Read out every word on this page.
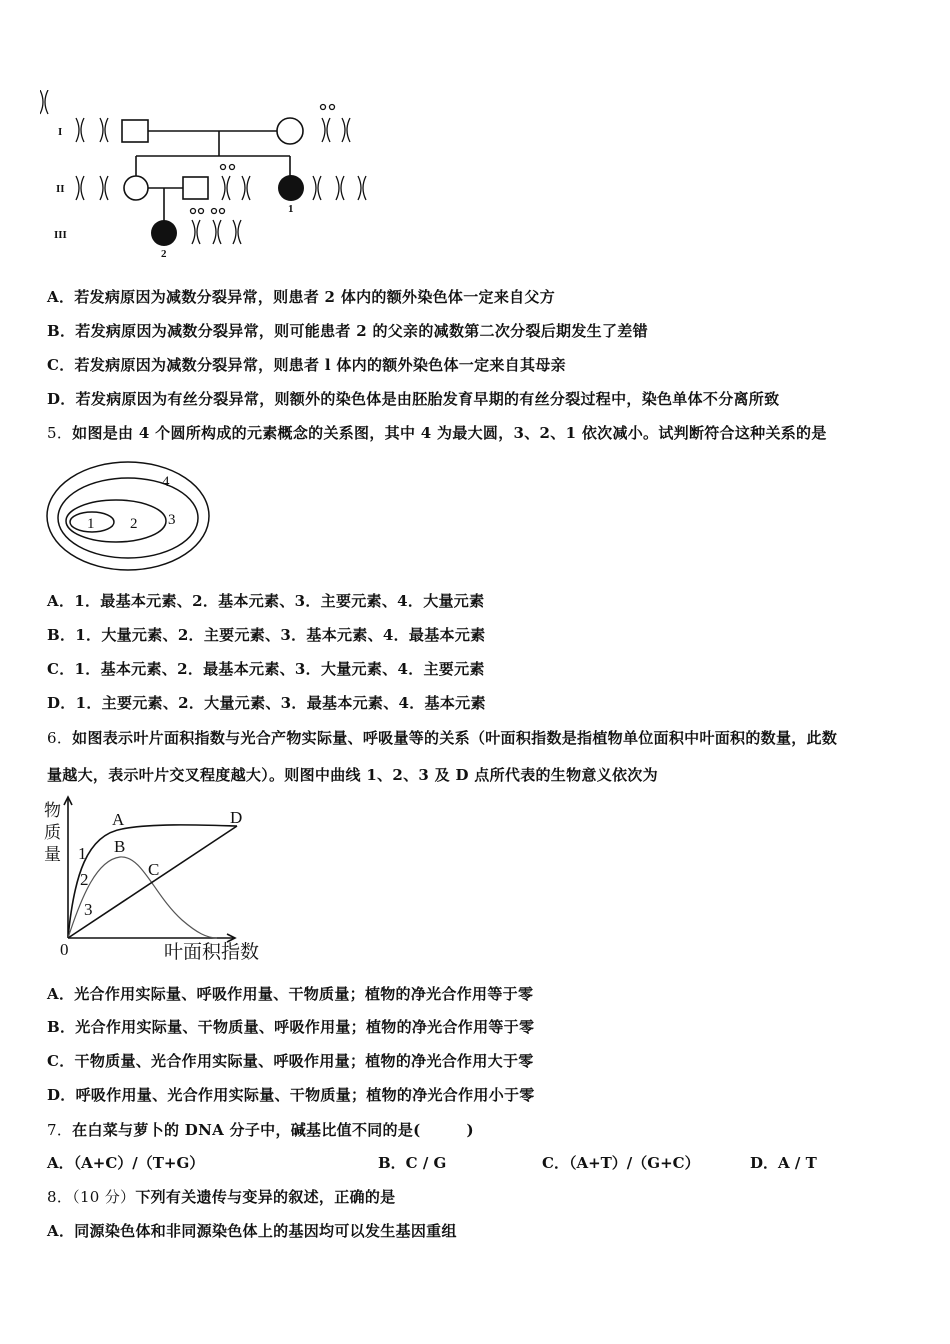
I
II
III
1
2
A．若发病原因为减数分裂异常，则患者 2 体内的额外染色体一定来自父方
B．若发病原因为减数分裂异常，则可能患者 2 的父亲的减数第二次分裂后期发生了差错
C．若发病原因为减数分裂异常，则患者 l 体内的额外染色体一定来自其母亲
D．若发病原因为有丝分裂异常，则额外的染色体是由胚胎发育早期的有丝分裂过程中，染色单体不分离所致
5．如图是由 4 个圆所构成的元素概念的关系图，其中 4 为最大圆，3、2、1 依次减小。试判断符合这种关系的是
1 2 3
4
A．1．最基本元素、2．基本元素、3．主要元素、4．大量元素
B．1．大量元素、2．主要元素、3．基本元素、4．最基本元素
C．1．基本元素、2．最基本元素、3．大量元素、4．主要元素
D．1．主要元素、2．大量元素、3．最基本元素、4．基本元素
6．如图表示叶片面积指数与光合产物实际量、呼吸量等的关系（叶面积指数是指植物单位面积中叶面积的数量，此数
量越大，表示叶片交叉程度越大）。则图中曲线 1、2、3 及 D 点所代表的生物意义依次为
0	叶面积指数
A
B
C
D
1
2
3
物质量
A．光合作用实际量、呼吸作用量、干物质量；植物的净光合作用等于零
B．光合作用实际量、干物质量、呼吸作用量；植物的净光合作用等于零
C．干物质量、光合作用实际量、呼吸作用量；植物的净光合作用大于零
D．呼吸作用量、光合作用实际量、干物质量；植物的净光合作用小于零
7．在白菜与萝卜的 DNA 分子中，碱基比值不同的是(　　　)
A．（A+C）/（T+G）	B．C / G	C．（A+T）/（G+C）	D．A / T
8．（10 分）下列有关遗传与变异的叙述，正确的是
A．同源染色体和非同源染色体上的基因均可以发生基因重组
